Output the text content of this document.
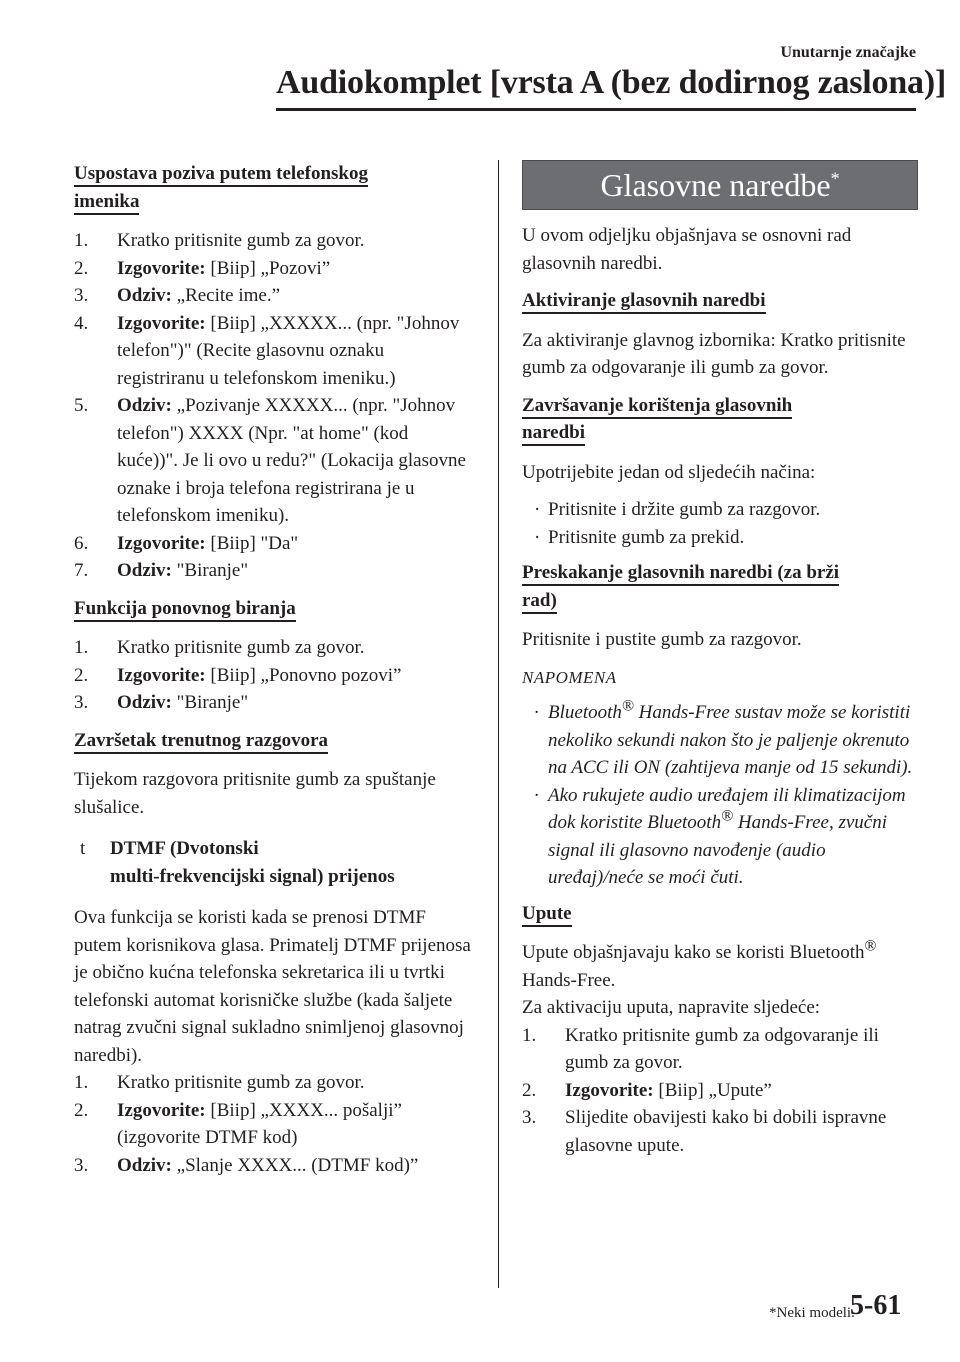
Unutarnje značajke
Audiokomplet [vrsta A (bez dodirnog zaslona)]
Uspostava poziva putem telefonskog
imenika
1. Kratko pritisnite gumb za govor.
2. Izgovorite: [Biip] „Pozovi”
3. Odziv: „Recite ime.”
4. Izgovorite: [Biip] „XXXXX... (npr. "Johnov telefon")" (Recite glasovnu oznaku registriranu u telefonskom imeniku.)
5. Odziv: „Pozivanje XXXXX... (npr. "Johnov telefon") XXXX (Npr. "at home" (kod kuće))". Je li ovo u redu?" (Lokacija glasovne oznake i broja telefona registrirana je u telefonskom imeniku).
6. Izgovorite: [Biip] "Da"
7. Odziv: "Biranje"
Funkcija ponovnog biranja
1. Kratko pritisnite gumb za govor.
2. Izgovorite: [Biip] „Ponovno pozovi”
3. Odziv: "Biranje"
Završetak trenutnog razgovora
Tijekom razgovora pritisnite gumb za spuštanje slušalice.
t DTMF (Dvotonski
multi-frekvencijski signal) prijenos
Ova funkcija se koristi kada se prenosi DTMF putem korisnikova glasa. Primatelj DTMF prijenosa je obično kućna telefonska sekretarica ili u tvrtki telefonski automat korisničke službe (kada šaljete natrag zvučni signal sukladno snimljenoj glasovnoj naredbi).
1. Kratko pritisnite gumb za govor.
2. Izgovorite: [Biip] „XXXX... pošalji” (izgovorite DTMF kod)
3. Odziv: „Slanje XXXX... (DTMF kod)”
Glasovne naredbe*
U ovom odjeljku objašnjava se osnovni rad glasovnih naredbi.
Aktiviranje glasovnih naredbi
Za aktiviranje glavnog izbornika: Kratko pritisnite gumb za odgovaranje ili gumb za govor.
Završavanje korištenja glasovnih
naredbi
Upotrijebite jedan od sljedećih načina:
· Pritisnite i držite gumb za razgovor.
· Pritisnite gumb za prekid.
Preskakanje glasovnih naredbi (za brži
rad)
Pritisnite i pustite gumb za razgovor.
NAPOMENA
· Bluetooth® Hands-Free sustav može se koristiti nekoliko sekundi nakon što je paljenje okrenuto na ACC ili ON (zahtijeva manje od 15 sekundi).
· Ako rukujete audio uređajem ili klimatizacijom dok koristite Bluetooth® Hands-Free, zvučni signal ili glasovno navođenje (audio uređaj)/neće se moći čuti.
Upute
Upute objašnjavaju kako se koristi Bluetooth® Hands-Free.
Za aktivaciju uputa, napravite sljedeće:
1. Kratko pritisnite gumb za odgovaranje ili gumb za govor.
2. Izgovorite: [Biip] „Upute”
3. Slijedite obavijesti kako bi dobili ispravne glasovne upute.
*Neki modeli.
5-61
